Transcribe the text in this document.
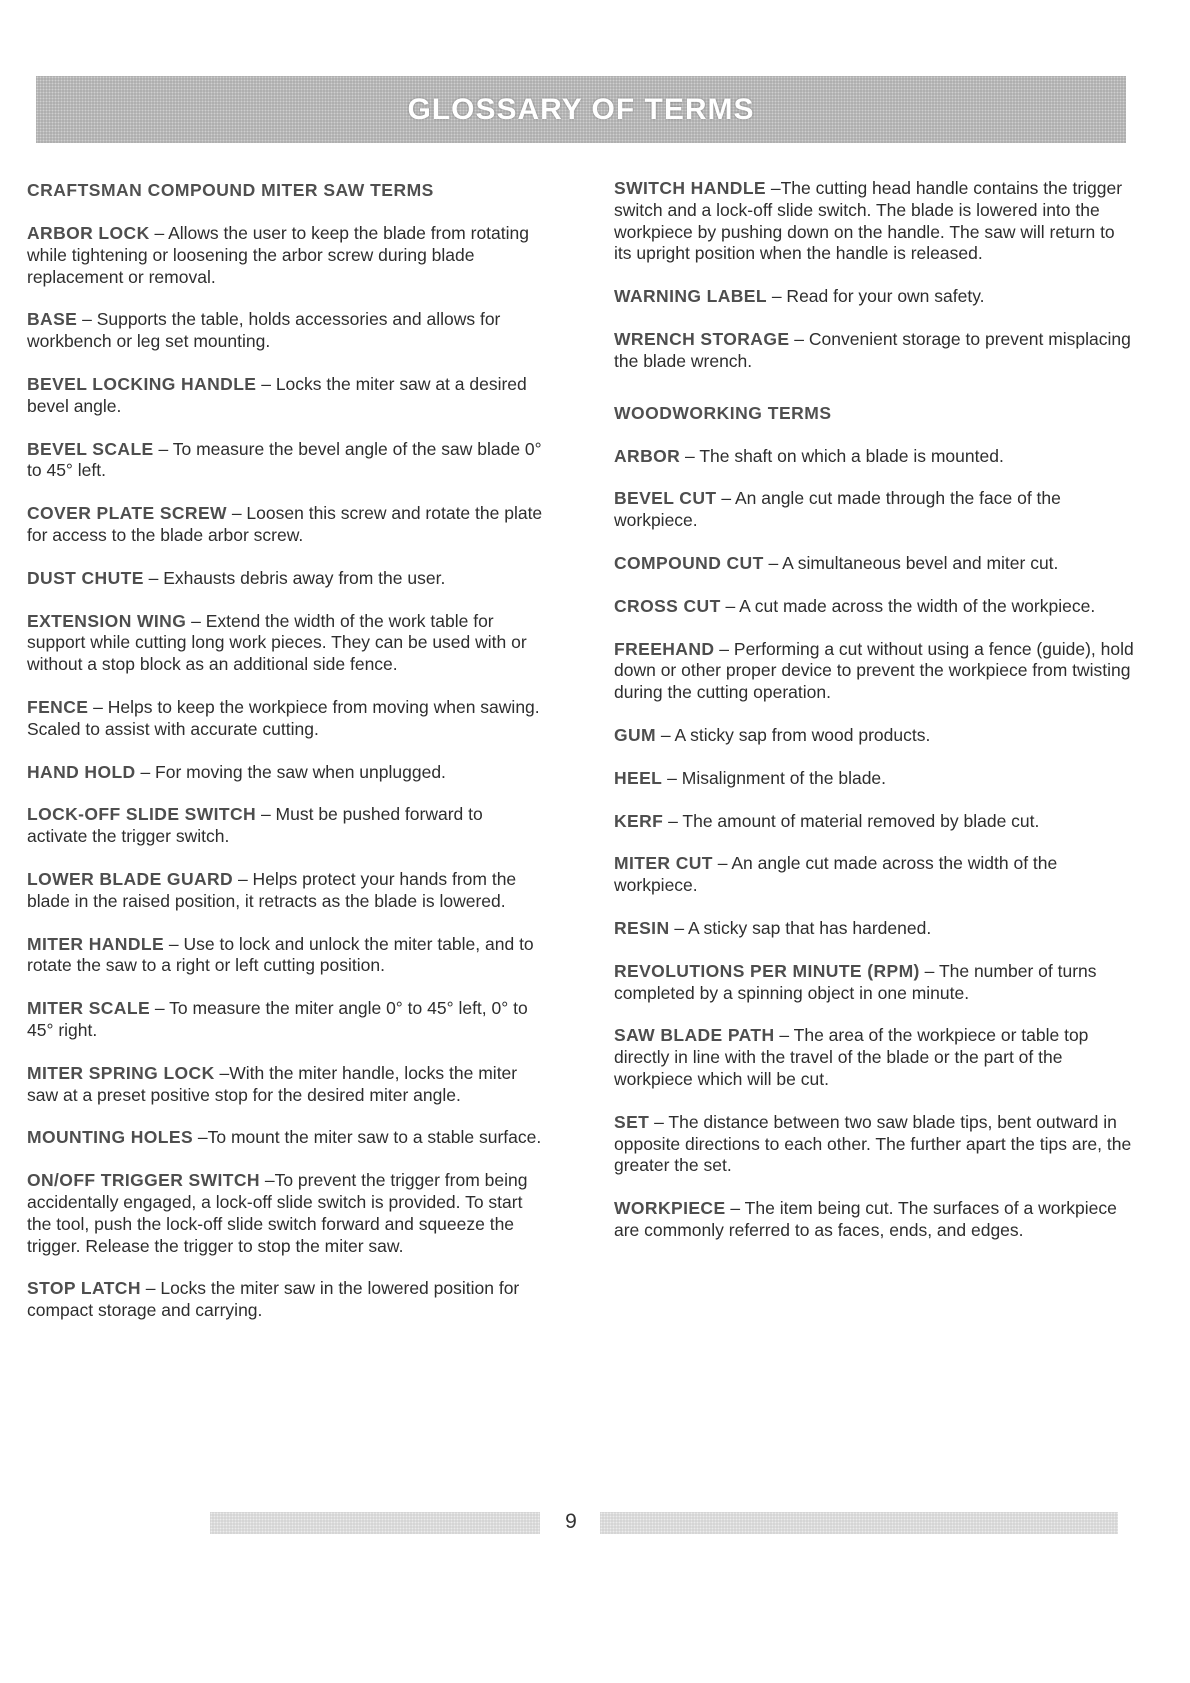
GLOSSARY OF TERMS
CRAFTSMAN COMPOUND MITER SAW TERMS

ARBOR LOCK – Allows the user to keep the blade from rotating while tightening or loosening the arbor screw during blade replacement or removal.

BASE – Supports the table, holds accessories and allows for workbench or leg set mounting.

BEVEL LOCKING HANDLE – Locks the miter saw at a desired bevel angle.

BEVEL SCALE – To measure the bevel angle of the saw blade 0° to 45° left.

COVER PLATE SCREW – Loosen this screw and rotate the plate for access to the blade arbor screw.

DUST CHUTE – Exhausts debris away from the user.

EXTENSION WING – Extend the width of the work table for support while cutting long work pieces. They can be used with or without a stop block as an additional side fence.

FENCE – Helps to keep the workpiece from moving when sawing. Scaled to assist with accurate cutting.

HAND HOLD – For moving the saw when unplugged.

LOCK-OFF SLIDE SWITCH – Must be pushed forward to activate the trigger switch.

LOWER BLADE GUARD – Helps protect your hands from the blade in the raised position, it retracts as the blade is lowered.

MITER HANDLE – Use to lock and unlock the miter table, and to rotate the saw to a right or left cutting position.

MITER SCALE – To measure the miter angle 0° to 45° left, 0° to 45° right.

MITER SPRING LOCK –With the miter handle, locks the miter saw at a preset positive stop for the desired miter angle.

MOUNTING HOLES –To mount the miter saw to a stable surface.

ON/OFF TRIGGER SWITCH –To prevent the trigger from being accidentally engaged, a lock-off slide switch is provided. To start the tool, push the lock-off slide switch forward and squeeze the trigger. Release the trigger to stop the miter saw.

STOP LATCH – Locks the miter saw in the lowered position for compact storage and carrying.

SWITCH HANDLE –The cutting head handle contains the trigger switch and a lock-off slide switch. The blade is lowered into the workpiece by pushing down on the handle. The saw will return to its upright position when the handle is released.

WARNING LABEL – Read for your own safety.

WRENCH STORAGE – Convenient storage to prevent misplacing the blade wrench.

WOODWORKING TERMS

ARBOR – The shaft on which a blade is mounted.

BEVEL CUT – An angle cut made through the face of the workpiece.

COMPOUND CUT – A simultaneous bevel and miter cut.

CROSS CUT – A cut made across the width of the workpiece.

FREEHAND – Performing a cut without using a fence (guide), hold down or other proper device to prevent the workpiece from twisting during the cutting operation.

GUM – A sticky sap from wood products.

HEEL – Misalignment of the blade.

KERF – The amount of material removed by blade cut.

MITER CUT – An angle cut made across the width of the workpiece.

RESIN – A sticky sap that has hardened.

REVOLUTIONS PER MINUTE (RPM) – The number of turns completed by a spinning object in one minute.

SAW BLADE PATH – The area of the workpiece or table top directly in line with the travel of the blade or the part of the workpiece which will be cut.

SET – The distance between two saw blade tips, bent outward in opposite directions to each other. The further apart the tips are, the greater the set.

WORKPIECE – The item being cut. The surfaces of a workpiece are commonly referred to as faces, ends, and edges.

9
